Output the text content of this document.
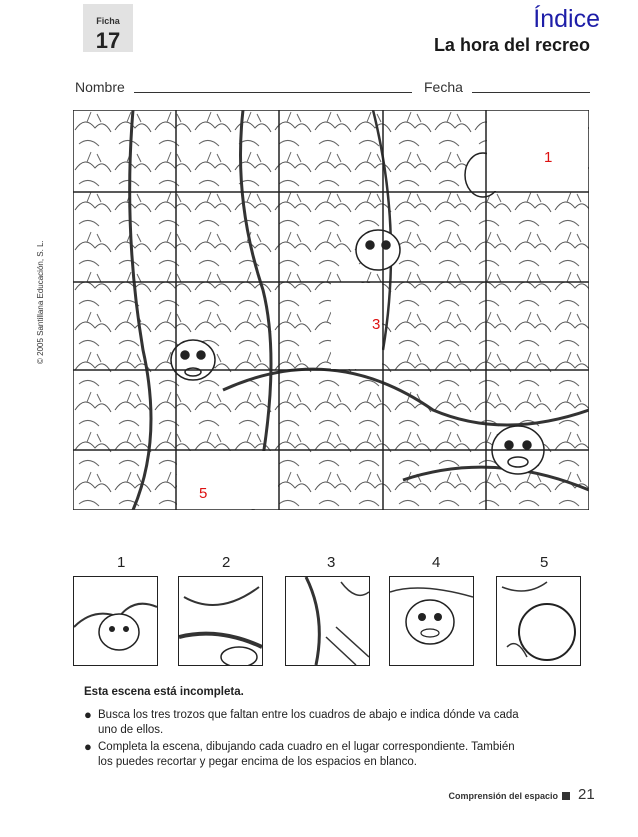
Ficha
17
Índice
La hora del recreo
Nombre	Fecha
© 2005 Santillana Educación, S. L.
1
3
5
1	2	3	4	5
Esta escena está incompleta.
● Busca los tres trozos que faltan entre los cuadros de abajo e indica dónde va cada uno de ellos.
● Completa la escena, dibujando cada cuadro en el lugar correspondiente. También los puedes recortar y pegar encima de los espacios en blanco.
Comprensión del espacio 21
